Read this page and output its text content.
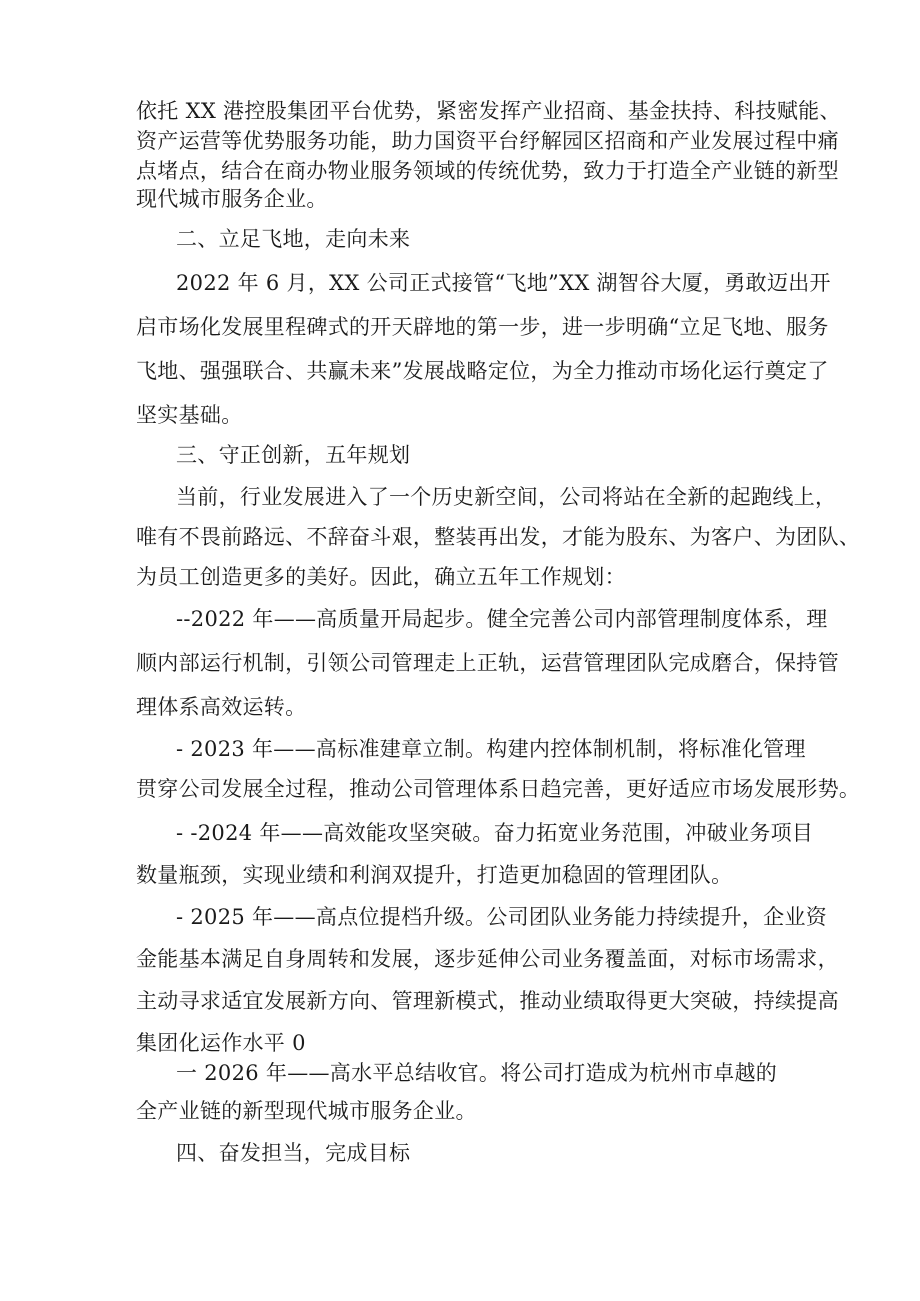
依托 XX 港控股集团平台优势，紧密发挥产业招商、基金扶持、科技赋能、
资产运营等优势服务功能，助力国资平台纾解园区招商和产业发展过程中痛
点堵点，结合在商办物业服务领域的传统优势，致力于打造全产业链的新型
现代城市服务企业。
二、立足飞地，走向未来
2022 年 6 月，XX 公司正式接管“飞地”XX 湖智谷大厦，勇敢迈出开
启市场化发展里程碑式的开天辟地的第一步，进一步明确“立足飞地、服务
飞地、强强联合、共赢未来”发展战略定位，为全力推动市场化运行奠定了
坚实基础。
三、守正创新，五年规划
当前，行业发展进入了一个历史新空间，公司将站在全新的起跑线上，
唯有不畏前路远、不辞奋斗艰，整装再出发，才能为股东、为客户、为团队、
为员工创造更多的美好。因此，确立五年工作规划：
--2022 年——高质量开局起步。健全完善公司内部管理制度体系，理
顺内部运行机制，引领公司管理走上正轨，运营管理团队完成磨合，保持管
理体系高效运转。
- 2023 年——高标准建章立制。构建内控体制机制，将标准化管理
贯穿公司发展全过程，推动公司管理体系日趋完善，更好适应市场发展形势。
- -2024 年——高效能攻坚突破。奋力拓宽业务范围，冲破业务项目
数量瓶颈，实现业绩和利润双提升，打造更加稳固的管理团队。
- 2025 年——高点位提档升级。公司团队业务能力持续提升，企业资
金能基本满足自身周转和发展，逐步延伸公司业务覆盖面，对标市场需求，
主动寻求适宜发展新方向、管理新模式，推动业绩取得更大突破，持续提高
集团化运作水平 0
一 2026 年——高水平总结收官。将公司打造成为杭州市卓越的
全产业链的新型现代城市服务企业。
四、奋发担当，完成目标
